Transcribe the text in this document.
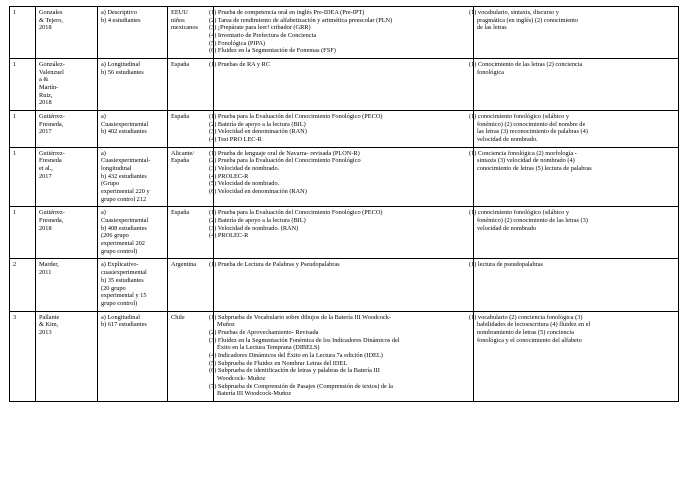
1	Gonzales
& Tejero,
2018

a) Descriptivo
b) 4 estudiantes

EEUU
niños
mexicanos

(1) Prueba de competencia oral en inglés Pre-IDEA (Pre-IPT)
(2) Tarea de rendimiento de alfabetización y aritmética preescolar (PLN)
(3) ¡Prepárate para leer! cribador (GRR)
(4) Inventario de Prefectura de Conciencia
(5) Fonológica (PIPA)
(6) Fluidez en la Segmentación de Fonemas (FSF)

(1) vocabulario, sintaxis, discurso y
pragmática (en inglés) (2) conocimiento
de las letras

1	González-
Valenzuel
a &
Martín-
Ruiz,
2018

a) Longitudinal
b) 56 estudiantes

España	(1) Pruebas de RA y RC	(1) Conocimiento de las letras (2) conciencia
fonológica

1	Gutiérrez-
Fresneda,
2017

a)
Cuasiexperimental
b) 402 estudiantes

España	(1) Prueba para la Evaluación del Conocimiento Fonológico (PECO)
(2) Batería de apoyo a la lectura (BIL)
(3) Velocidad en denominación (RAN)
(4) Test PRO LEC-R

(1) conocimiento fonológico (silábico y
fonémico) (2) conocimiento del nombre de
las letras (3) reconocimiento de palabras (4)
velocidad de nombrado.

1	Gutiérrez-
Fresneda
et al.,
2017

a)
Cuasiexperimental-
longitudinal
b) 432 estudiantes
(Grupo
experimental 220 y
grupo control 212

Alicante/
España

(1) Prueba de lenguaje oral de Navarra- revisada (PLON-R)
(2) Prueba para la Evaluación del Conocimiento Fonológico
(3) Velocidad de nombrado.
(4) PROLEC-R
(5) Velocidad de nombrado.
(6) Velocidad en denominación (RAN)

(1) Conciencia fonológica (2) morfología -
sintaxis (3) velocidad de nombrado (4)
conocimiento de letras (5) lectura de palabras

1	Gutiérrez-
Fresneda,
2018

a)
Cuasiexperimental
b) 408 estudiantes
(206 grupo
experimental 202
grupo control)

España	(1) Prueba para la Evaluación del Conocimiento Fonológico (PECO)
(2) Batería de apoyo a la lectura (BIL)
(3) Velocidad de nombrado. (RAN)
(4) PROLEC-R

(1) conocimiento fonológico (silábico y
fonémico) (2) conocimiento de las letras (3)
velocidad de nombrado

2	Marder,
2011

a) Explicativo-
cuasiexperimental
b) 35 estudiantes
(20 grupo
experimental y 15
grupo control)

Argentina	(1) Prueba de Lectura de Palabras y Pseudopalabras	(1) lectura de pseudopalabras

3	Pallante
& Kim,
2013

a) Longitudinal
b) 617 estudiantes

Chile	(1) Subprueba de Vocabulario sobre dibujos de la Batería III Woodcock-
Muñoz
(2) Pruebas de Aprovechamiento- Revisada
(3) Fluidez en la Segmentación Fonémica de los Indicadores Dinámicos del
Éxito en la Lectura Temprana (DIBELS)
(4) Indicadores Dinámicos del Éxito en la Lectura 7a edición (IDEL)
(5) Subprueba de Fluidez en Nombrar Letras del IDEL
(6) Subprueba de identificación de letras y palabras de la Batería III
Woodcock- Muñoz
(7) Subprueba de Comprensión de Pasajes (Comprensión de textos) de la
Batería III Woodcock-Muñoz

(1) vocabulario (2) conciencia fonológica (3)
habilidades de lectoescritura (4) fluidez en el
nombramiento de letras (5) conciencia
fonológica y el conocimiento del alfabeto
